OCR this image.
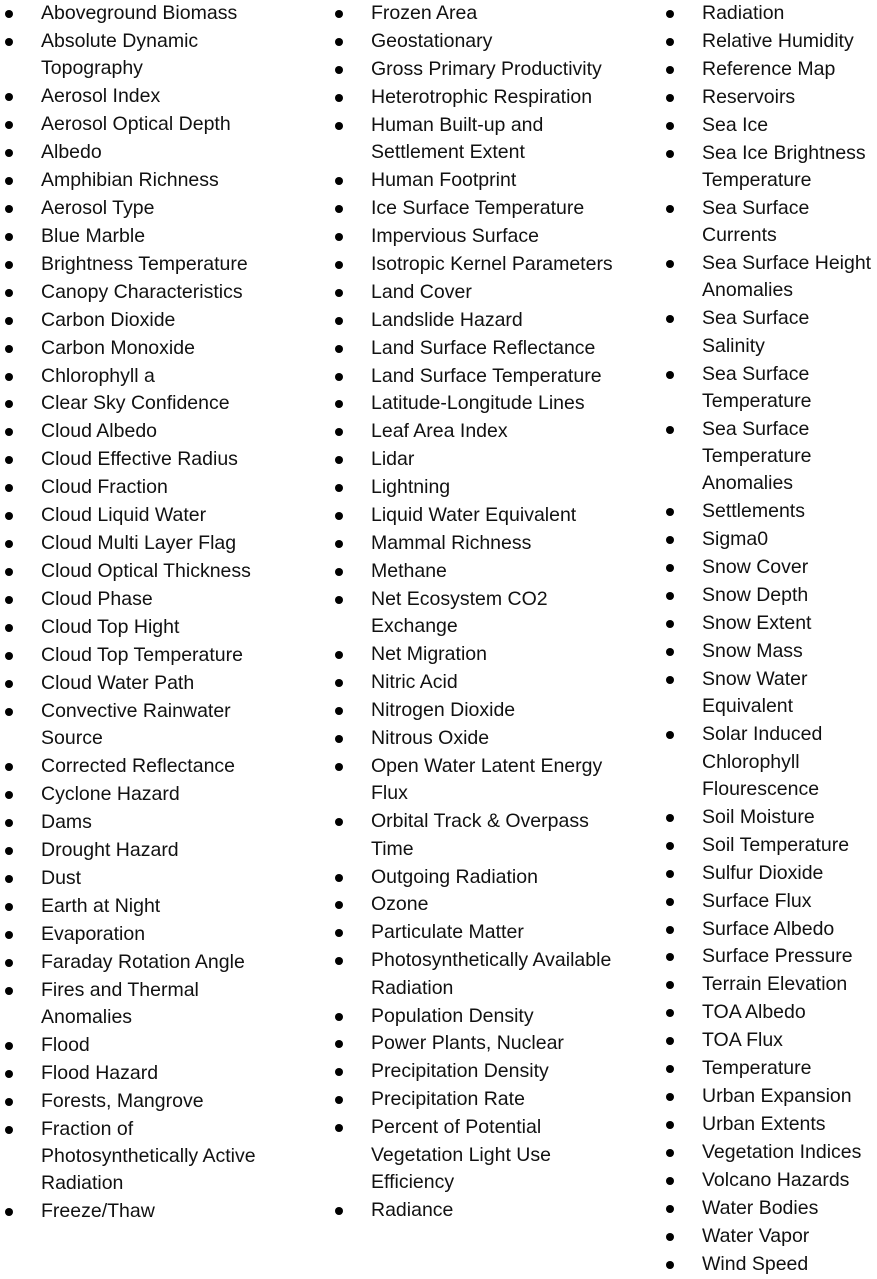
Aboveground Biomass
Absolute Dynamic Topography
Aerosol Index
Aerosol Optical Depth
Albedo
Amphibian Richness
Aerosol Type
Blue Marble
Brightness Temperature
Canopy Characteristics
Carbon Dioxide
Carbon Monoxide
Chlorophyll a
Clear Sky Confidence
Cloud Albedo
Cloud Effective Radius
Cloud Fraction
Cloud Liquid Water
Cloud Multi Layer Flag
Cloud Optical Thickness
Cloud Phase
Cloud Top Hight
Cloud Top Temperature
Cloud Water Path
Convective Rainwater Source
Corrected Reflectance
Cyclone Hazard
Dams
Drought Hazard
Dust
Earth at Night
Evaporation
Faraday Rotation Angle
Fires and Thermal Anomalies
Flood
Flood Hazard
Forests, Mangrove
Fraction of Photosynthetically Active Radiation
Freeze/Thaw
Frozen Area
Geostationary
Gross Primary Productivity
Heterotrophic Respiration
Human Built-up and Settlement Extent
Human Footprint
Ice Surface Temperature
Impervious Surface
Isotropic Kernel Parameters
Land Cover
Landslide Hazard
Land Surface Reflectance
Land Surface Temperature
Latitude-Longitude Lines
Leaf Area Index
Lidar
Lightning
Liquid Water Equivalent
Mammal Richness
Methane
Net Ecosystem CO2 Exchange
Net Migration
Nitric Acid
Nitrogen Dioxide
Nitrous Oxide
Open Water Latent Energy Flux
Orbital Track & Overpass Time
Outgoing Radiation
Ozone
Particulate Matter
Photosynthetically Available Radiation
Population Density
Power Plants, Nuclear
Precipitation Density
Precipitation Rate
Percent of Potential Vegetation Light Use Efficiency
Radiance
Radiation
Relative Humidity
Reference Map
Reservoirs
Sea Ice
Sea Ice Brightness Temperature
Sea Surface Currents
Sea Surface Height Anomalies
Sea Surface Salinity
Sea Surface Temperature
Sea Surface Temperature Anomalies
Settlements
Sigma0
Snow Cover
Snow Depth
Snow Extent
Snow Mass
Snow Water Equivalent
Solar Induced Chlorophyll Flourescence
Soil Moisture
Soil Temperature
Sulfur Dioxide
Surface Flux
Surface Albedo
Surface Pressure
Terrain Elevation
TOA Albedo
TOA Flux
Temperature
Urban Expansion
Urban Extents
Vegetation Indices
Volcano Hazards
Water Bodies
Water Vapor
Wind Speed
